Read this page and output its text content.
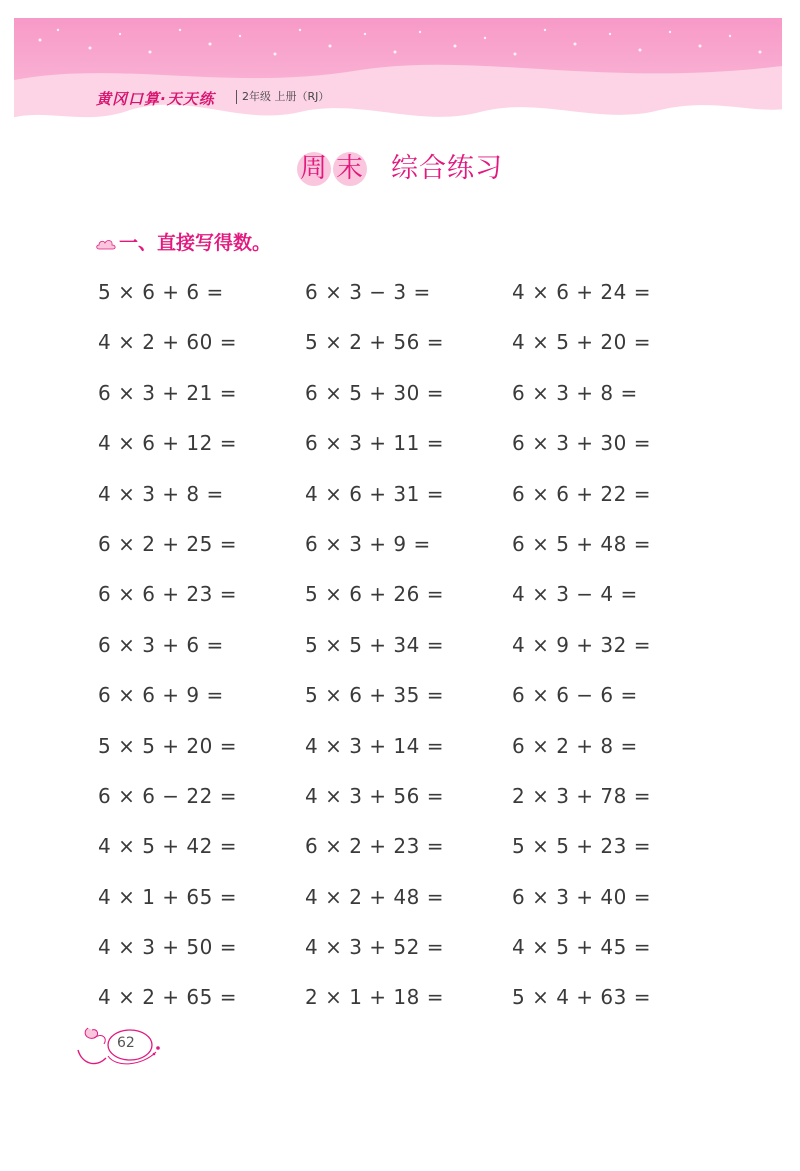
黄冈口算·天天练	2年级 上册（RJ）
周 末 综合练习
一、直接写得数。
5 × 6 + 6 =	6 × 3 − 3 =	4 × 6 + 24 =
4 × 2 + 60 =	5 × 2 + 56 =	4 × 5 + 20 =
6 × 3 + 21 =	6 × 5 + 30 =	6 × 3 + 8 =
4 × 6 + 12 =	6 × 3 + 11 =	6 × 3 + 30 =
4 × 3 + 8 =	4 × 6 + 31 =	6 × 6 + 22 =
6 × 2 + 25 =	6 × 3 + 9 =	6 × 5 + 48 =
6 × 6 + 23 =	5 × 6 + 26 =	4 × 3 − 4 =
6 × 3 + 6 =	5 × 5 + 34 =	4 × 9 + 32 =
6 × 6 + 9 =	5 × 6 + 35 =	6 × 6 − 6 =
5 × 5 + 20 =	4 × 3 + 14 =	6 × 2 + 8 =
6 × 6 − 22 =	4 × 3 + 56 =	2 × 3 + 78 =
4 × 5 + 42 =	6 × 2 + 23 =	5 × 5 + 23 =
4 × 1 + 65 =	4 × 2 + 48 =	6 × 3 + 40 =
4 × 3 + 50 =	4 × 3 + 52 =	4 × 5 + 45 =
4 × 2 + 65 =	2 × 1 + 18 =	5 × 4 + 63 =
62
